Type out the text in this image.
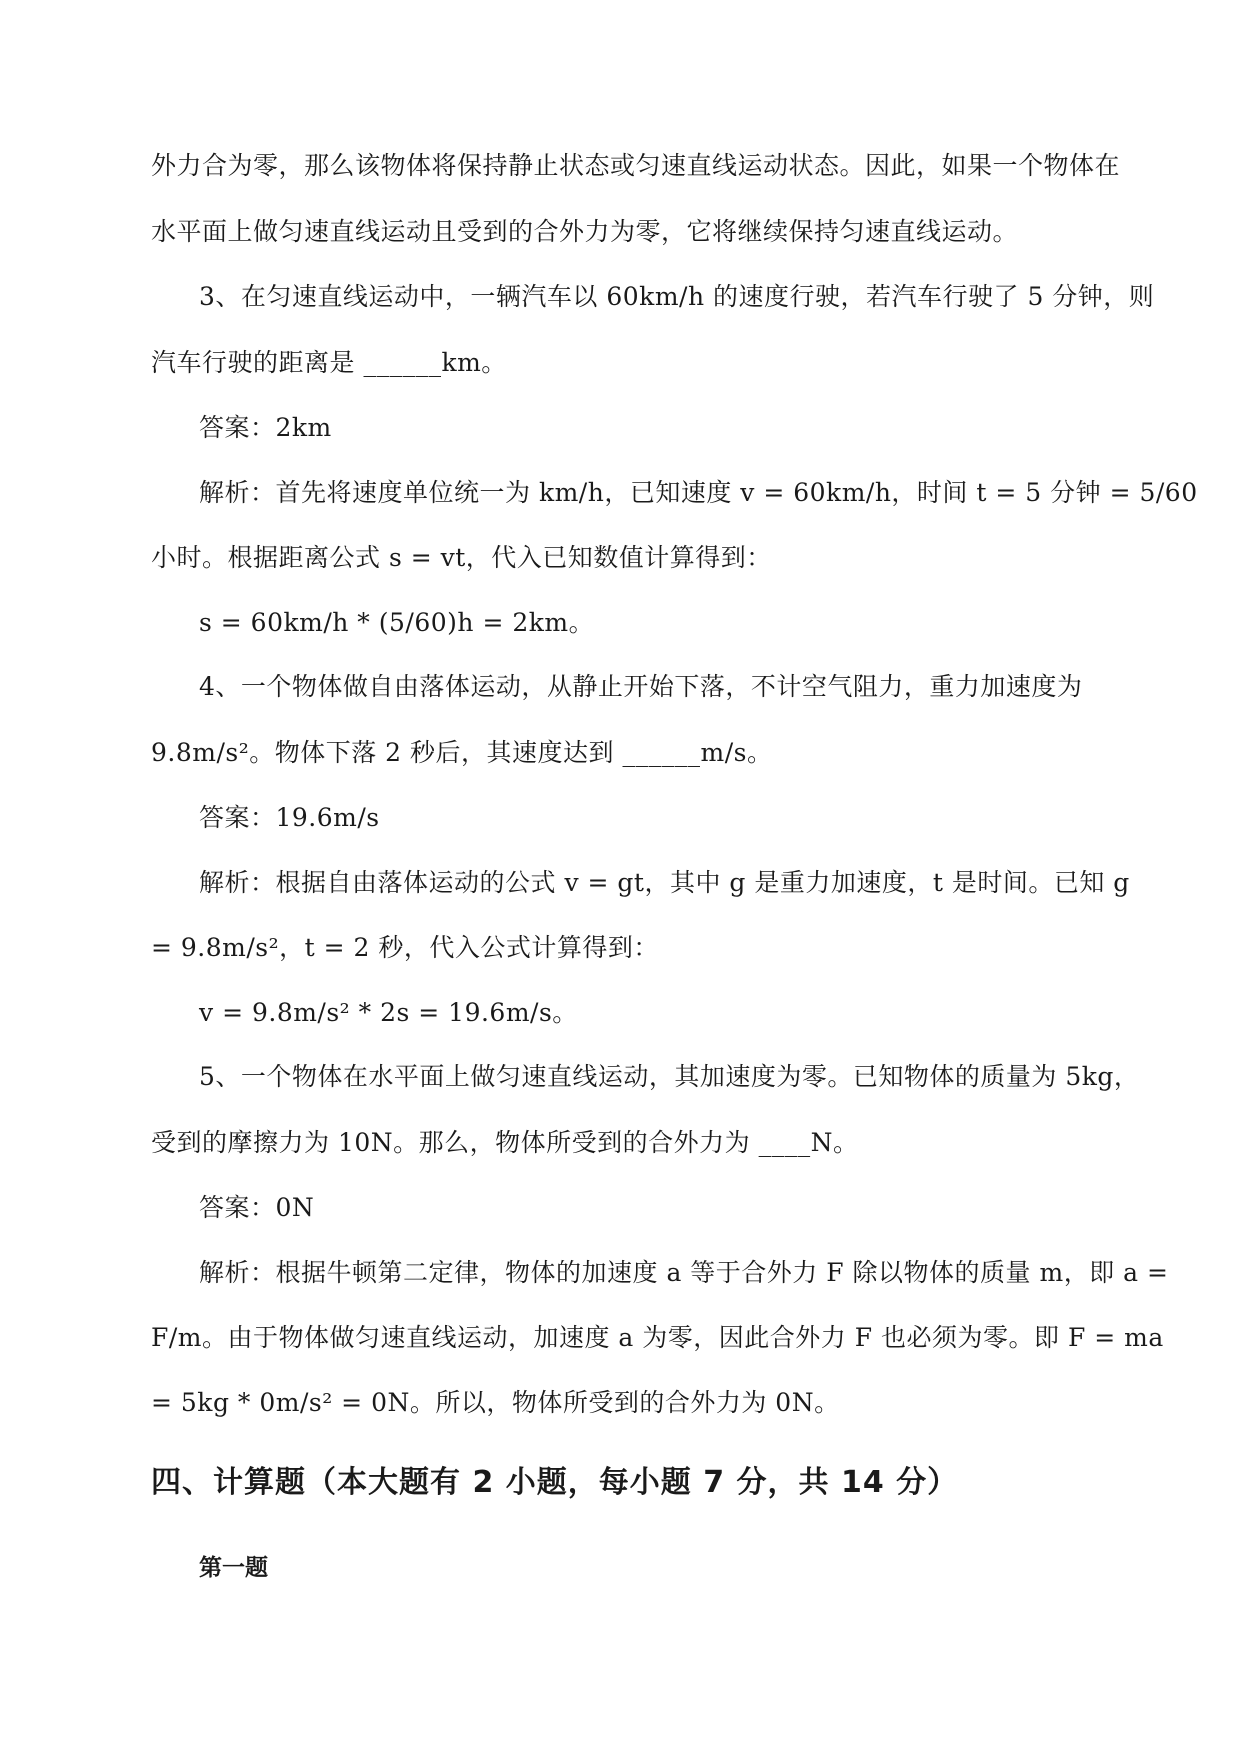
外力合为零，那么该物体将保持静止状态或匀速直线运动状态。因此，如果一个物体在
水平面上做匀速直线运动且受到的合外力为零，它将继续保持匀速直线运动。
3、在匀速直线运动中，一辆汽车以 60km/h 的速度行驶，若汽车行驶了 5 分钟，则
汽车行驶的距离是 ______km。
答案：2km
解析：首先将速度单位统一为 km/h，已知速度 v = 60km/h，时间 t = 5 分钟 = 5/60
小时。根据距离公式 s = vt，代入已知数值计算得到：
s = 60km/h * (5/60)h = 2km。
4、一个物体做自由落体运动，从静止开始下落，不计空气阻力，重力加速度为
9.8m/s²。物体下落 2 秒后，其速度达到 ______m/s。
答案：19.6m/s
解析：根据自由落体运动的公式 v = gt，其中 g 是重力加速度，t 是时间。已知 g
= 9.8m/s²，t = 2 秒，代入公式计算得到：
v = 9.8m/s² * 2s = 19.6m/s。
5、一个物体在水平面上做匀速直线运动，其加速度为零。已知物体的质量为 5kg，
受到的摩擦力为 10N。那么，物体所受到的合外力为 ____N。
答案：0N
解析：根据牛顿第二定律，物体的加速度 a 等于合外力 F 除以物体的质量 m，即 a =
F/m。由于物体做匀速直线运动，加速度 a 为零，因此合外力 F 也必须为零。即 F = ma
= 5kg * 0m/s² = 0N。所以，物体所受到的合外力为 0N。
四、计算题（本大题有 2 小题，每小题 7 分，共 14 分）
第一题
